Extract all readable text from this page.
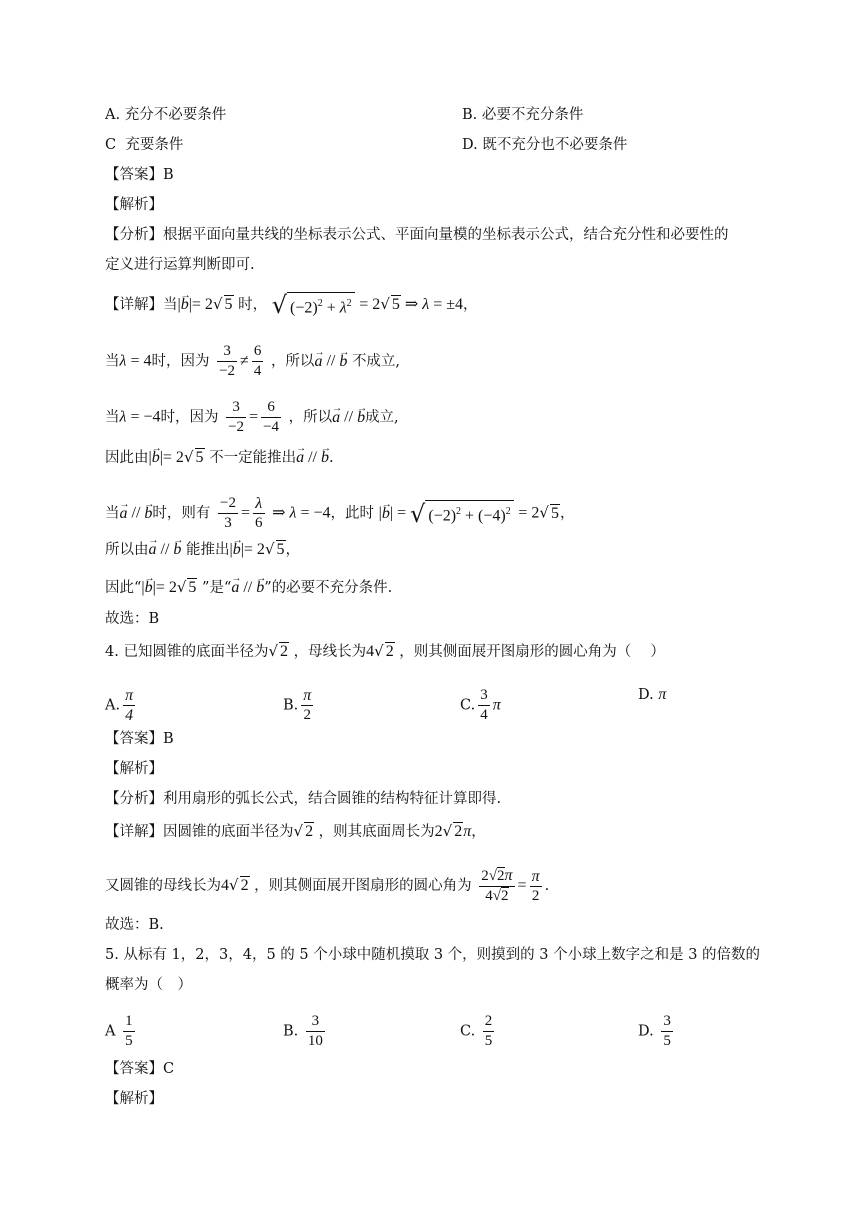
A. 充分不必要条件	B. 必要不充分条件
C 充要条件	D. 既不充分也不必要条件
【答案】B
【解析】
【分析】根据平面向量共线的坐标表示公式、平面向量模的坐标表示公式，结合充分性和必要性的
定义进行运算判断即可.
【详解】当|→ b|= 2√ 5 时， √ $(-2)^2 + \lambda^2 = 2√$ 5 ⇒ λ = ±4，
当λ = 4时，因为 $\frac{3}{-2} \ne \frac{6}{4}$ ，所以→ a // → b 不成立,
当λ = −4时，因为 $\frac{3}{-2} = \frac{6}{-4}$ ，所以→ a // → b成立,
因此由|→ b|= 2√ 5 不一定能推出→ a // → b.
当→ a // → b时，则有 $\frac{-2}{3} = \frac{\lambda}{6}$ ⇒ λ = −4，此时 |→ b| = √ $(-2)^2 + (-4)^2 = 2√$ 5，
所以由→ a // → b 能推出|→ b|= 2√ 5，
因此“|→ b|= 2√ 5 ”是“→ a // → b”的必要不充分条件.
故选：B
4. 已知圆锥的底面半径为√ 2 ，母线长为4√ 2 ，则其侧面展开图扇形的圆心角为（　 ）
A. $\frac{\pi}{4}$	B. $\frac{\pi}{2}$	C. $\frac{3}{4}$ π
D. π
【答案】B
【解析】
【分析】利用扇形的弧长公式，结合圆锥的结构特征计算即得.
【详解】因圆锥的底面半径为√ 2 ，则其底面周长为2√ 2π，
又圆锥的母线长为4√ 2 ，则其侧面展开图扇形的圆心角为 $\frac{2√2\pi}{4√2} = \frac{\pi}{2}$ .
故选：B.
5. 从标有 1，2，3，4，5 的 5 个小球中随机摸取 3 个，则摸到的 3 个小球上数字之和是 3 的倍数的
概率为（　）
A $\frac{1}{5}$	B. $\frac{3}{10}$	C. $\frac{2}{5}$	D. $\frac{3}{5}$
【答案】C
【解析】
